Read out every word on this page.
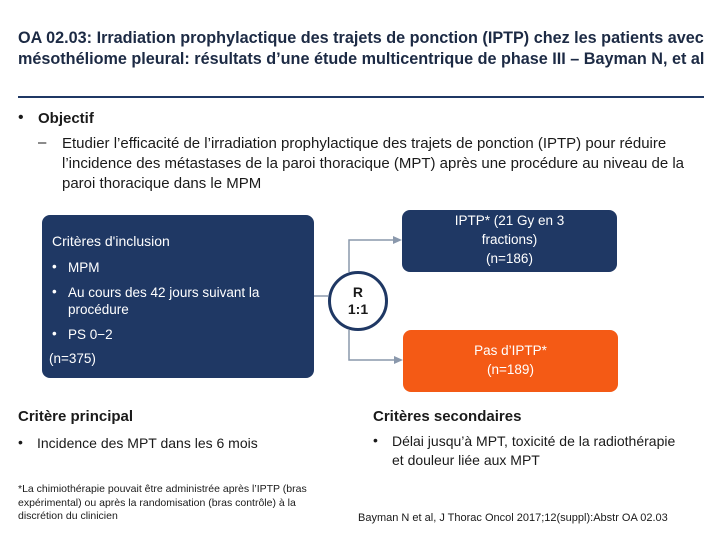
OA 02.03: Irradiation prophylactique des trajets de ponction (IPTP) chez les patients avec mésothéliome pleural: résultats d’une étude multicentrique de phase III – Bayman N, et al
• Objectif
– Etudier l’efficacité de l’irradiation prophylactique des trajets de ponction (IPTP) pour réduire l’incidence des métastases de la paroi thoracique (MPT) après une procédure au niveau de la paroi thoracique dans le MPM
Critères d'inclusion
• MPM
• Au cours des 42 jours suivant la procédure
• PS 0−2
(n=375)
R
1:1
IPTP* (21 Gy en 3
fractions)
(n=186)
Pas d’IPTP*
(n=189)
Critère principal
• Incidence des MPT dans les 6 mois
Critères secondaires
• Délai jusqu’à MPT, toxicité de la radiothérapie et douleur liée aux MPT
*La chimiothérapie pouvait être administrée après l’IPTP (bras expérimental) ou après la randomisation (bras contrôle) à la discrétion du clinicien	Bayman N et al, J Thorac Oncol 2017;12(suppl):Abstr OA 02.03
